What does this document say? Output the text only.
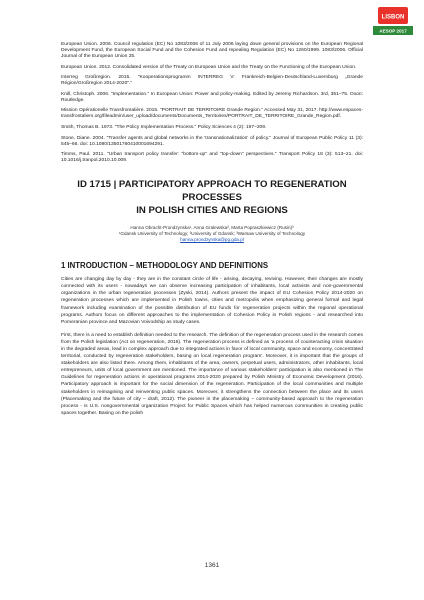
LISBON
AESOP 2017

European Union. 2006. Council regulation (EC) No 1083/2006 of 11 July 2006 laying down general provisions on the European Regional Development Fund, the European Social Fund and the Cohesion Fund and repealing Regulation (EC) No 1260/1999. 1083/2006. Official Journal of the European Union 25.

European Union. 2012. Consolidated version of the Treaty on European Union and the Treaty on the Functioning of the European Union.

Interreg Großregion. 2015. "Kooperationsprogramm INTERREG V: Frankreich-Belgien-Deutschland-Luxemburg „Grande Région/Großregion 2014-2020"."

Knill, Christoph. 2006. "Implementation." In European Union: Power and policy-making. Edited by Jeremy Richardson. 3rd, 351–75. Oxon: Routledge.

Mission Opérationelle Transfrontalière. 2015. "PORTRAIT DE TERRITOIRE Grande Region." Accessed May 31, 2017. http://www.espaces-transfrontaliers.org/fileadmin/user_upload/documents/Documents_Territoires/PORTRAIT_DE_TERRITOIRE_Grande_Region.pdf.

Smith, Thomas B. 1973. "The Policy Implementation Process." Policy Sciences 4 (2): 197–209.

Stone, Diane. 2004. "Transfer agents and global networks in the 'transnationalization' of policy." Journal of European Public Policy 11 (3): 545–66. doi: 10.1080/13501760410001694291.

Timms, Paul. 2011. "Urban transport policy transfer: "bottom-up" and "top-down" perspectives." Transport Policy 18 (3): 513–21. doi: 10.1016/j.tranpol.2010.10.009.

ID 1715 | PARTICIPATORY APPROACH TO REGENERATION PROCESSES
IN POLISH CITIES AND REGIONS
Hanna Obracht-Prondzynska¹, Anna Gralewska², Marta Popraszkiewicz (Rusin)³
¹Gdansk University of Technology; ²University of Gdansk; ³Warsaw University of Technology
hanna.prondzynska@pg.gda.pl
1 INTRODUCTION – METHODOLOGY AND DEFINITIONS

Cities are changing day by day - they are in the constant circle of life - arising, decaying, reviving. However, their changes are mostly connected with its users - nowadays we can observe increasing participation of inhabitants, local activists and non-governmental organizations in the urban regeneration processes (Zyski, 2014). Authors present the impact of EU Cohesion Policy 2014-2020 on regeneration processes which are implemented in Polish towns, cities and metropolis when emphasizing general formal and legal framework including examination of the possible distribution of EU funds for regeneration projects within the regional operational programs. Authors focus on different approaches to the implementation of Cohesion Policy in Polish regions - and researched into Pomeranian province and Mazovian Voivodship as study cases.

First, there is a need to establish definition needed to the research. The definition of the regeneration process used in the research comes from the Polish legislation (Act on regeneration, 2015). The regeneration process is defined as 'a process of counteracting crisis situation in the degraded areas, lead in complex approach due to integrated actions in favor of local community, space and economy, concentrated territorial, conducted by regeneration stakeholders, basing on local regeneration program'. Moreover, it is important that the groups of stakeholders are also listed there. Among them, inhabitants of the area, owners, perpetual users, administrators, other inhabitants, local entrepreneurs, units of local government are mentioned. The importance of various stakeholders' participation is also mentioned in The Guidelines for regeneration actions in operational programs 2014-2020 prepared by Polish Ministry of Economic Development (2016). Participatory approach is important for the social dimension of the regeneration. Participation of the local communities and multiple stakeholders in reimagining and reinventing public spaces. Moreover, it strengthens the connection between the place and its users (Placemaking and the future of city – draft, 2012). The pioneer in the placemaking – community-based approach to the regeneration process - is U.S. nongovernmental organization Project for Public Spaces which has helped numerous communities in creating public spaces together. Basing on the polish

1361
